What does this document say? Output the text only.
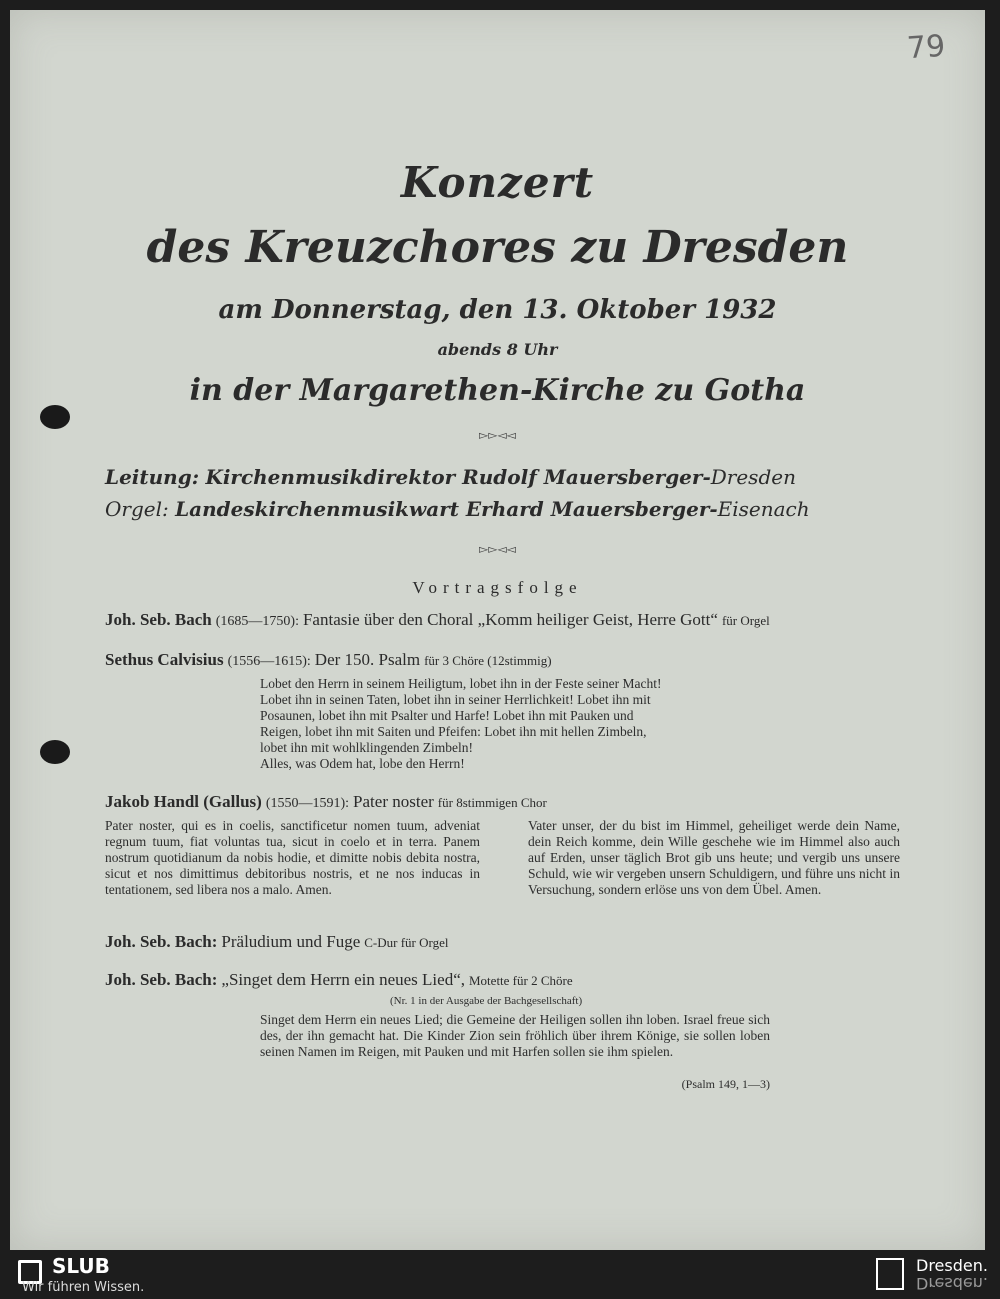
79
Konzert
des Kreuzchores zu Dresden
am Donnerstag, den 13. Oktober 1932
abends 8 Uhr
in der Margarethen-Kirche zu Gotha
▻▻◅◅
Leitung: Kirchenmusikdirektor Rudolf Mauersberger-Dresden
Orgel: Landeskirchenmusikwart Erhard Mauersberger-Eisenach
▻▻◅◅
Vortragsfolge
Joh. Seb. Bach (1685—1750): Fantasie über den Choral „Komm heiliger Geist, Herre Gott“ für Orgel
Sethus Calvisius (1556—1615): Der 150. Psalm für 3 Chöre (12stimmig)
Lobet den Herrn in seinem Heiligtum, lobet ihn in der Feste seiner Macht!
Lobet ihn in seinen Taten, lobet ihn in seiner Herrlichkeit! Lobet ihn mit
Posaunen, lobet ihn mit Psalter und Harfe! Lobet ihn mit Pauken und
Reigen, lobet ihn mit Saiten und Pfeifen: Lobet ihn mit hellen Zimbeln,
lobet ihn mit wohlklingenden Zimbeln!
Alles, was Odem hat, lobe den Herrn!
Jakob Handl (Gallus) (1550—1591): Pater noster für 8stimmigen Chor
Pater noster, qui es in coelis, sanctificetur nomen tuum, adveniat regnum tuum, fiat voluntas tua, sicut in coelo et in terra. Panem nostrum quotidianum da nobis hodie, et dimitte nobis debita nostra, sicut et nos dimittimus debitoribus nostris, et ne nos inducas in tentationem, sed libera nos a malo. Amen.
Vater unser, der du bist im Himmel, geheiliget werde dein Name, dein Reich komme, dein Wille geschehe wie im Himmel also auch auf Erden, unser täglich Brot gib uns heute; und vergib uns unsere Schuld, wie wir vergeben unsern Schuldigern, und führe uns nicht in Versuchung, sondern erlöse uns von dem Übel. Amen.
Joh. Seb. Bach: Präludium und Fuge C-Dur für Orgel
Joh. Seb. Bach: „Singet dem Herrn ein neues Lied“, Motette für 2 Chöre
(Nr. 1 in der Ausgabe der Bachgesellschaft)
Singet dem Herrn ein neues Lied; die Gemeine der Heiligen sollen ihn loben. Israel freue sich des, der ihn gemacht hat. Die Kinder Zion sein fröhlich über ihrem Könige, sie sollen loben seinen Namen im Reigen, mit Pauken und mit Harfen sollen sie ihm spielen.
(Psalm 149, 1—3)
SLUB
Wir führen Wissen.
Dresden.
Dresden.
